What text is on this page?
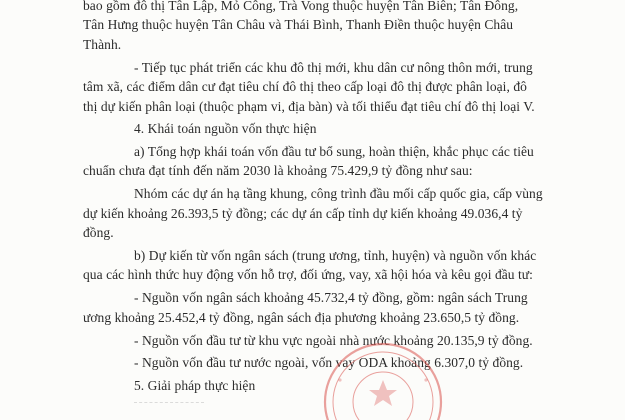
bao gồm đô thị Tân Lập, Mỏ Công, Trà Vong thuộc huyện Tân Biên; Tân Đông,
Tân Hưng thuộc huyện Tân Châu và Thái Bình, Thanh Điền thuộc huyện Châu
Thành.
- Tiếp tục phát triển các khu đô thị mới, khu dân cư nông thôn mới, trung
tâm xã, các điểm dân cư đạt tiêu chí đô thị theo cấp loại đô thị được phân loại, đô
thị dự kiến phân loại (thuộc phạm vi, địa bàn) và tối thiểu đạt tiêu chí đô thị loại V.
4. Khái toán nguồn vốn thực hiện
a) Tổng hợp khái toán vốn đầu tư bổ sung, hoàn thiện, khắc phục các tiêu
chuẩn chưa đạt tính đến năm 2030 là khoảng 75.429,9 tỷ đồng như sau:
Nhóm các dự án hạ tầng khung, công trình đầu mối cấp quốc gia, cấp vùng
dự kiến khoảng 26.393,5 tỷ đồng; các dự án cấp tỉnh dự kiến khoảng 49.036,4 tỷ
đồng.
b) Dự kiến từ vốn ngân sách (trung ương, tỉnh, huyện) và nguồn vốn khác
qua các hình thức huy động vốn hỗ trợ, đối ứng, vay, xã hội hóa và kêu gọi đầu tư:
- Nguồn vốn ngân sách khoảng 45.732,4 tỷ đồng, gồm: ngân sách Trung
ương khoảng 25.452,4 tỷ đồng, ngân sách địa phương khoảng 23.650,5 tỷ đồng.
- Nguồn vốn đầu tư từ khu vực ngoài nhà nước khoảng 20.135,9 tỷ đồng.
- Nguồn vốn đầu tư nước ngoài, vốn vay ODA khoảng 6.307,0 tỷ đồng.
5. Giải pháp thực hiện
